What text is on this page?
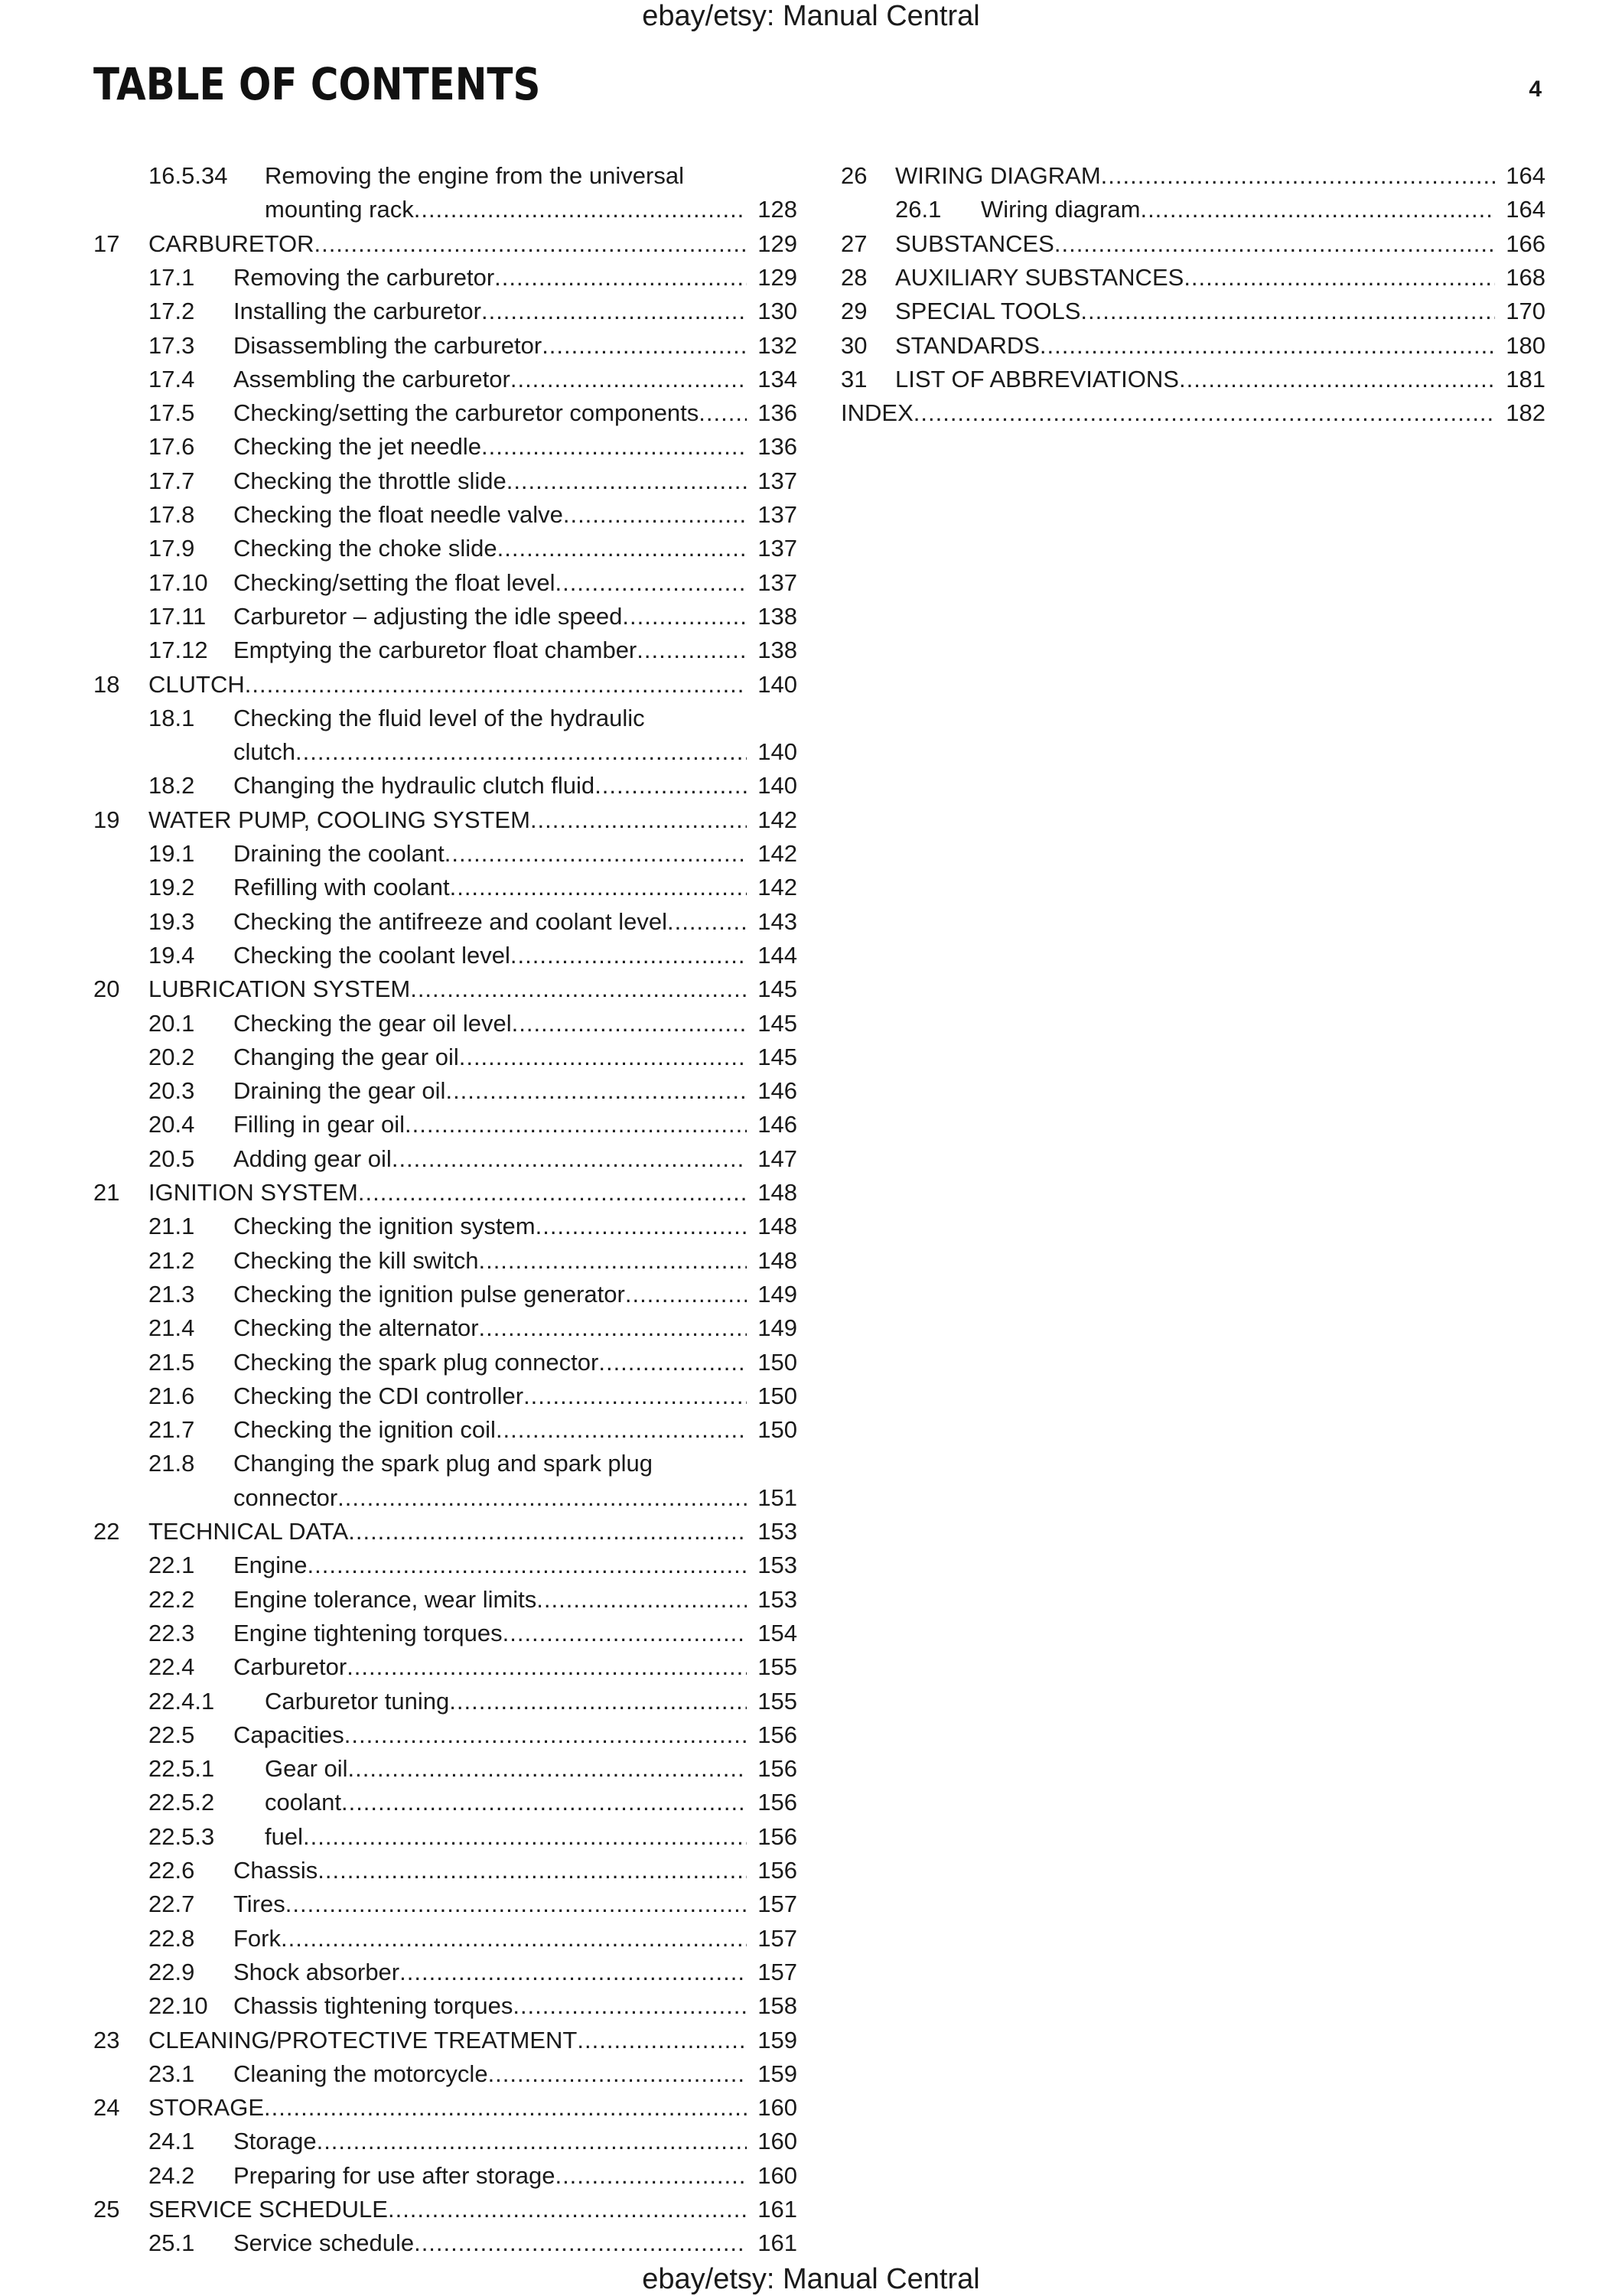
ebay/etsy: Manual Central
TABLE OF CONTENTS	4
16.5.34 Removing the engine from the universal
mounting rack .....	128
17 CARBURETOR .....	129
17.1 Removing the carburetor .....	129
17.2 Installing the carburetor .....	130
17.3 Disassembling the carburetor .....	132
17.4 Assembling the carburetor .....	134
17.5 Checking/setting the carburetor components .....	136
17.6 Checking the jet needle .....	136
17.7 Checking the throttle slide .....	137
17.8 Checking the float needle valve .....	137
17.9 Checking the choke slide .....	137
17.10 Checking/setting the float level .....	137
17.11 Carburetor – adjusting the idle speed .....	138
17.12 Emptying the carburetor float chamber .....	138
18 CLUTCH .....	140
18.1 Checking the fluid level of the hydraulic
clutch .....	140
18.2 Changing the hydraulic clutch fluid .....	140
19 WATER PUMP, COOLING SYSTEM .....	142
19.1 Draining the coolant .....	142
19.2 Refilling with coolant .....	142
19.3 Checking the antifreeze and coolant level .....	143
19.4 Checking the coolant level .....	144
20 LUBRICATION SYSTEM .....	145
20.1 Checking the gear oil level .....	145
20.2 Changing the gear oil .....	145
20.3 Draining the gear oil .....	146
20.4 Filling in gear oil .....	146
20.5 Adding gear oil .....	147
21 IGNITION SYSTEM .....	148
21.1 Checking the ignition system .....	148
21.2 Checking the kill switch .....	148
21.3 Checking the ignition pulse generator .....	149
21.4 Checking the alternator .....	149
21.5 Checking the spark plug connector .....	150
21.6 Checking the CDI controller .....	150
21.7 Checking the ignition coil .....	150
21.8 Changing the spark plug and spark plug
connector .....	151
22 TECHNICAL DATA .....	153
22.1 Engine .....	153
22.2 Engine tolerance, wear limits .....	153
22.3 Engine tightening torques .....	154
22.4 Carburetor .....	155
22.4.1 Carburetor tuning .....	155
22.5 Capacities .....	156
22.5.1 Gear oil .....	156
22.5.2 coolant .....	156
22.5.3 fuel .....	156
22.6 Chassis .....	156
22.7 Tires .....	157
22.8 Fork .....	157
22.9 Shock absorber .....	157
22.10 Chassis tightening torques .....	158
23 CLEANING/PROTECTIVE TREATMENT .....	159
23.1 Cleaning the motorcycle .....	159
24 STORAGE .....	160
24.1 Storage .....	160
24.2 Preparing for use after storage .....	160
25 SERVICE SCHEDULE .....	161
25.1 Service schedule .....	161
26 WIRING DIAGRAM .....	164
26.1 Wiring diagram .....	164
27 SUBSTANCES .....	166
28 AUXILIARY SUBSTANCES .....	168
29 SPECIAL TOOLS .....	170
30 STANDARDS .....	180
31 LIST OF ABBREVIATIONS .....	181
INDEX .....	182
ebay/etsy: Manual Central
